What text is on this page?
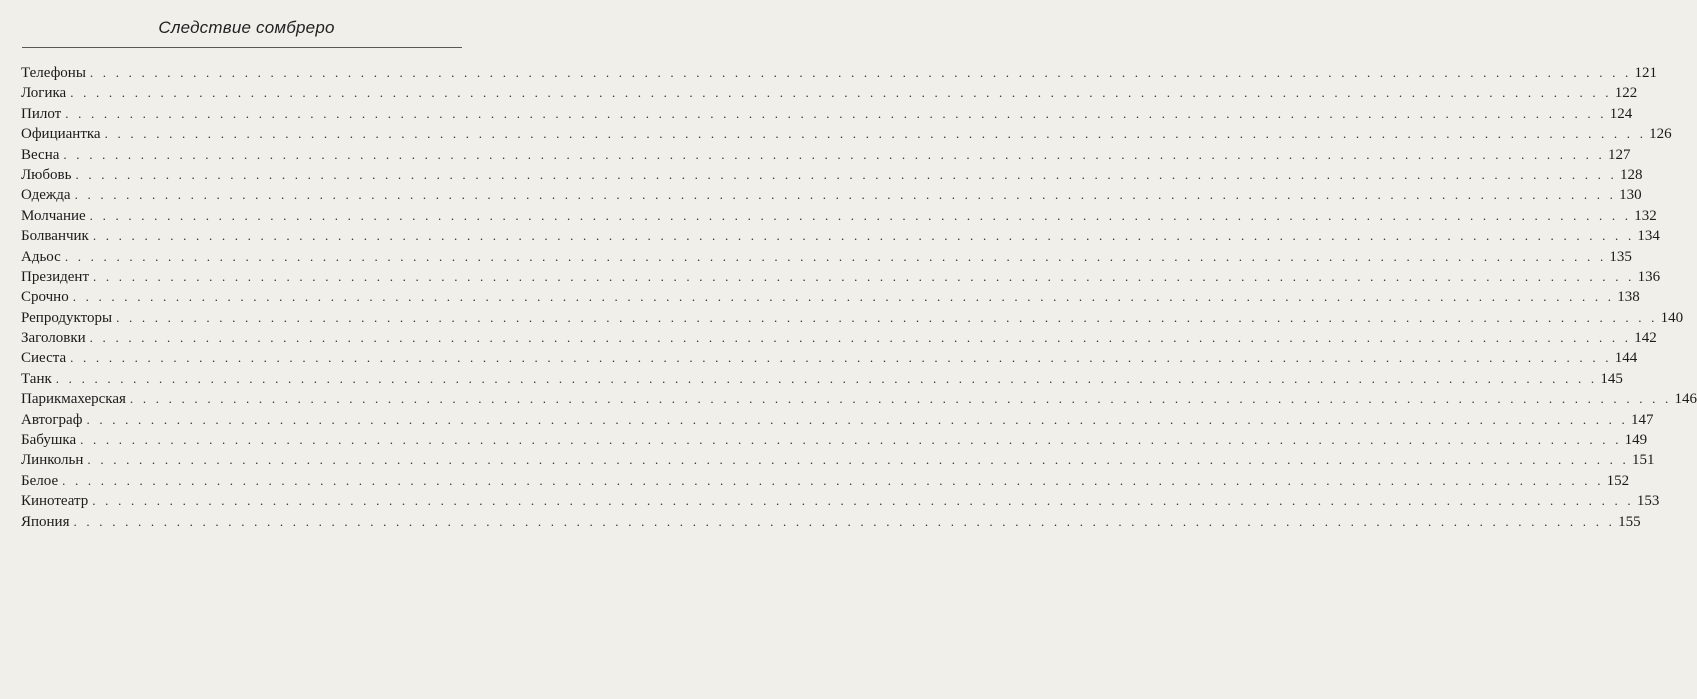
Следствие сомбреро
Телефоны . . . . . . . . . . . . . . . . . . . . . . . . . . . . . . . . . . . . . . . . . . . . . . . . . . . . . . . . . . . . . . . . . . . . . . . . . . . . . . . . . . . . . . . . . . . . . . . . . . . . . . . . . . . . . . . . . . . . . . . . 121
Логика . . . . . . . . . . . . . . . . . . . . . . . . . . . . . . . . . . . . . . . . . . . . . . . . . . . . . . . . . . . . . . . . . . . . . . . . . . . . . . . . . . . . . . . . . . . . . . . . . . . . . . . . . . . . . . . . . . . . . . . . 122
Пилот . . . . . . . . . . . . . . . . . . . . . . . . . . . . . . . . . . . . . . . . . . . . . . . . . . . . . . . . . . . . . . . . . . . . . . . . . . . . . . . . . . . . . . . . . . . . . . . . . . . . . . . . . . . . . . . . . . . . . . . . 124
Официантка . . . . . . . . . . . . . . . . . . . . . . . . . . . . . . . . . . . . . . . . . . . . . . . . . . . . . . . . . . . . . . . . . . . . . . . . . . . . . . . . . . . . . . . . . . . . . . . . . . . . . . . . . . . . . . . . . . . . . . . . 126
Весна . . . . . . . . . . . . . . . . . . . . . . . . . . . . . . . . . . . . . . . . . . . . . . . . . . . . . . . . . . . . . . . . . . . . . . . . . . . . . . . . . . . . . . . . . . . . . . . . . . . . . . . . . . . . . . . . . . . . . . . . 127
Любовь . . . . . . . . . . . . . . . . . . . . . . . . . . . . . . . . . . . . . . . . . . . . . . . . . . . . . . . . . . . . . . . . . . . . . . . . . . . . . . . . . . . . . . . . . . . . . . . . . . . . . . . . . . . . . . . . . . . . . . . . 128
Одежда . . . . . . . . . . . . . . . . . . . . . . . . . . . . . . . . . . . . . . . . . . . . . . . . . . . . . . . . . . . . . . . . . . . . . . . . . . . . . . . . . . . . . . . . . . . . . . . . . . . . . . . . . . . . . . . . . . . . . . . . 130
Молчание . . . . . . . . . . . . . . . . . . . . . . . . . . . . . . . . . . . . . . . . . . . . . . . . . . . . . . . . . . . . . . . . . . . . . . . . . . . . . . . . . . . . . . . . . . . . . . . . . . . . . . . . . . . . . . . . . . . . . . . . 132
Болванчик . . . . . . . . . . . . . . . . . . . . . . . . . . . . . . . . . . . . . . . . . . . . . . . . . . . . . . . . . . . . . . . . . . . . . . . . . . . . . . . . . . . . . . . . . . . . . . . . . . . . . . . . . . . . . . . . . . . . . . . . 134
Адьос . . . . . . . . . . . . . . . . . . . . . . . . . . . . . . . . . . . . . . . . . . . . . . . . . . . . . . . . . . . . . . . . . . . . . . . . . . . . . . . . . . . . . . . . . . . . . . . . . . . . . . . . . . . . . . . . . . . . . . . . 135
Президент . . . . . . . . . . . . . . . . . . . . . . . . . . . . . . . . . . . . . . . . . . . . . . . . . . . . . . . . . . . . . . . . . . . . . . . . . . . . . . . . . . . . . . . . . . . . . . . . . . . . . . . . . . . . . . . . . . . . . . . . 136
Срочно . . . . . . . . . . . . . . . . . . . . . . . . . . . . . . . . . . . . . . . . . . . . . . . . . . . . . . . . . . . . . . . . . . . . . . . . . . . . . . . . . . . . . . . . . . . . . . . . . . . . . . . . . . . . . . . . . . . . . . . . 138
Репродукторы . . . . . . . . . . . . . . . . . . . . . . . . . . . . . . . . . . . . . . . . . . . . . . . . . . . . . . . . . . . . . . . . . . . . . . . . . . . . . . . . . . . . . . . . . . . . . . . . . . . . . . . . . . . . . . . . . . . . . . . . 140
Заголовки . . . . . . . . . . . . . . . . . . . . . . . . . . . . . . . . . . . . . . . . . . . . . . . . . . . . . . . . . . . . . . . . . . . . . . . . . . . . . . . . . . . . . . . . . . . . . . . . . . . . . . . . . . . . . . . . . . . . . . . . 142
Сиеста . . . . . . . . . . . . . . . . . . . . . . . . . . . . . . . . . . . . . . . . . . . . . . . . . . . . . . . . . . . . . . . . . . . . . . . . . . . . . . . . . . . . . . . . . . . . . . . . . . . . . . . . . . . . . . . . . . . . . . . . 144
Танк . . . . . . . . . . . . . . . . . . . . . . . . . . . . . . . . . . . . . . . . . . . . . . . . . . . . . . . . . . . . . . . . . . . . . . . . . . . . . . . . . . . . . . . . . . . . . . . . . . . . . . . . . . . . . . . . . . . . . . . . 145
Парикмахерская . . . . . . . . . . . . . . . . . . . . . . . . . . . . . . . . . . . . . . . . . . . . . . . . . . . . . . . . . . . . . . . . . . . . . . . . . . . . . . . . . . . . . . . . . . . . . . . . . . . . . . . . . . . . . . . . . . . . . . . . 146
Автограф . . . . . . . . . . . . . . . . . . . . . . . . . . . . . . . . . . . . . . . . . . . . . . . . . . . . . . . . . . . . . . . . . . . . . . . . . . . . . . . . . . . . . . . . . . . . . . . . . . . . . . . . . . . . . . . . . . . . . . . . 147
Бабушка . . . . . . . . . . . . . . . . . . . . . . . . . . . . . . . . . . . . . . . . . . . . . . . . . . . . . . . . . . . . . . . . . . . . . . . . . . . . . . . . . . . . . . . . . . . . . . . . . . . . . . . . . . . . . . . . . . . . . . . . 149
Линкольн . . . . . . . . . . . . . . . . . . . . . . . . . . . . . . . . . . . . . . . . . . . . . . . . . . . . . . . . . . . . . . . . . . . . . . . . . . . . . . . . . . . . . . . . . . . . . . . . . . . . . . . . . . . . . . . . . . . . . . . . 151
Белое . . . . . . . . . . . . . . . . . . . . . . . . . . . . . . . . . . . . . . . . . . . . . . . . . . . . . . . . . . . . . . . . . . . . . . . . . . . . . . . . . . . . . . . . . . . . . . . . . . . . . . . . . . . . . . . . . . . . . . . . 152
Кинотеатр . . . . . . . . . . . . . . . . . . . . . . . . . . . . . . . . . . . . . . . . . . . . . . . . . . . . . . . . . . . . . . . . . . . . . . . . . . . . . . . . . . . . . . . . . . . . . . . . . . . . . . . . . . . . . . . . . . . . . . . . 153
Япония . . . . . . . . . . . . . . . . . . . . . . . . . . . . . . . . . . . . . . . . . . . . . . . . . . . . . . . . . . . . . . . . . . . . . . . . . . . . . . . . . . . . . . . . . . . . . . . . . . . . . . . . . . . . . . . . . . . . . . . . 155
